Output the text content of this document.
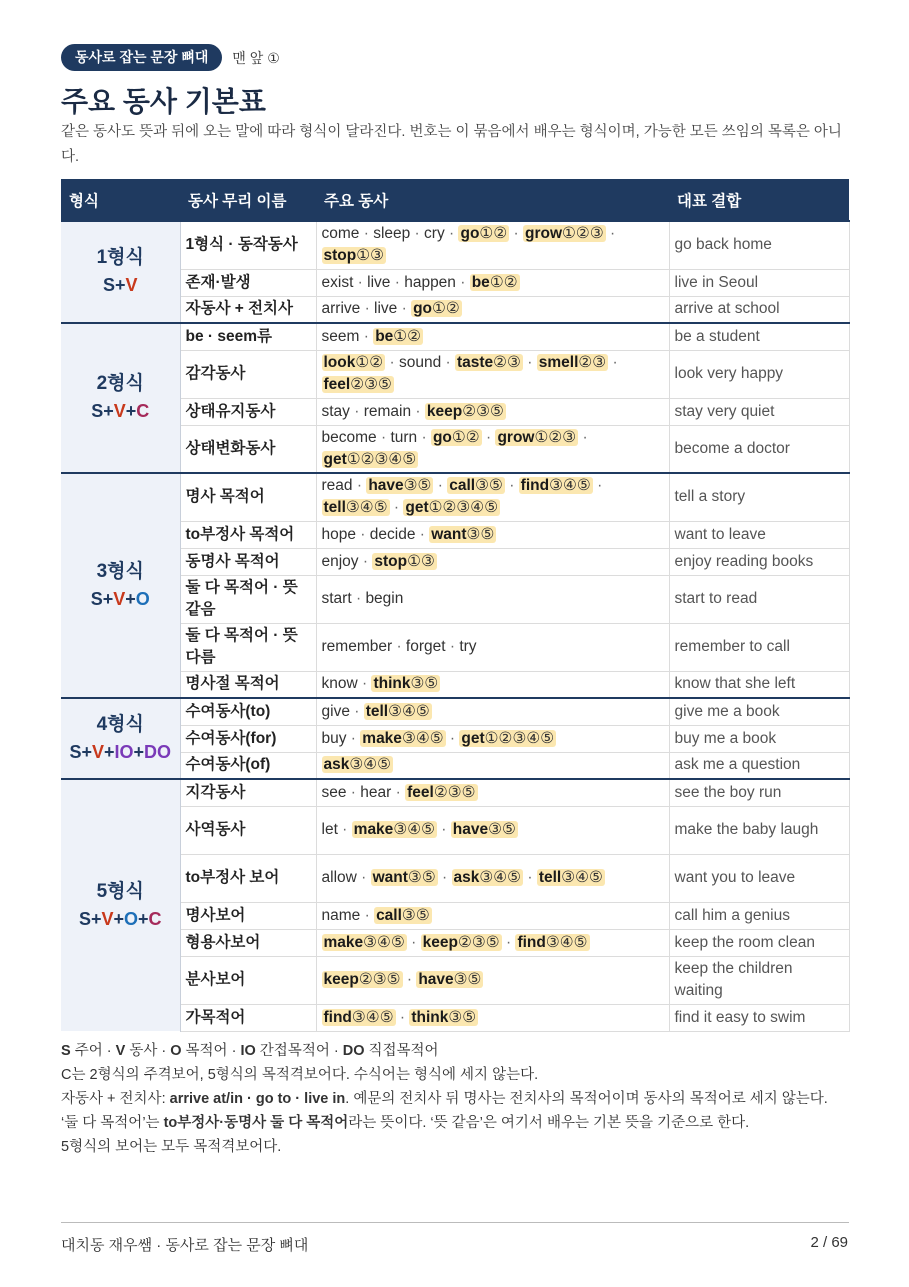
동사로 잡는 문장 뼈대	맨 앞 ①
주요 동사 기본표

같은 동사도 뜻과 뒤에 오는 말에 따라 형식이 달라진다. 번호는 이 묶음에서 배우는 형식이며, 가능한 모든 쓰임의 목록은 아니다.

형식	동사 무리 이름	주요 동사	대표 결합

1형식
S+V	1형식 · 동작동사	come · sleep · cry · go①② · grow①②③ · stop①③	go back home
	존재·발생	exist · live · happen · be①②	live in Seoul
	자동사 + 전치사	arrive · live · go①②	arrive at school

2형식
S+V+C	be · seem류	seem · be①②	be a student
	감각동사	look①② · sound · taste②③ · smell②③ · feel②③⑤	look very happy
	상태유지동사	stay · remain · keep②③⑤	stay very quiet
	상태변화동사	become · turn · go①② · grow①②③ · get①②③④⑤	become a doctor

3형식
S+V+O	명사 목적어	read · have③⑤ · call③⑤ · find③④⑤ · tell③④⑤ · get①②③④⑤	tell a story
	to부정사 목적어	hope · decide · want③⑤	want to leave
	동명사 목적어	enjoy · stop①③	enjoy reading books
	둘 다 목적어 · 뜻 같음	start · begin	start to read
	둘 다 목적어 · 뜻 다름	remember · forget · try	remember to call
	명사절 목적어	know · think③⑤	know that she left

4형식
S+V+IO+DO	수여동사(to)	give · tell③④⑤	give me a book
	수여동사(for)	buy · make③④⑤ · get①②③④⑤	buy me a book
	수여동사(of)	ask③④⑤	ask me a question

5형식
S+V+O+C	지각동사	see · hear · feel②③⑤	see the boy run
	사역동사	let · make③④⑤ · have③⑤	make the baby laugh
	to부정사 보어	allow · want③⑤ · ask③④⑤ · tell③④⑤	want you to leave
	명사보어	name · call③⑤	call him a genius
	형용사보어	make③④⑤ · keep②③⑤ · find③④⑤	keep the room clean
	분사보어	keep②③⑤ · have③⑤	keep the children waiting
	가목적어	find③④⑤ · think③⑤	find it easy to swim

S 주어 · V 동사 · O 목적어 · IO 간접목적어 · DO 직접목적어

C는 2형식의 주격보어, 5형식의 목적격보어다. 수식어는 형식에 세지 않는다.

자동사 + 전치사: arrive at/in · go to · live in. 예문의 전치사 뒤 명사는 전치사의 목적어이며 동사의 목적어로 세지 않는다.

‘둘 다 목적어’는 to부정사·동명사 둘 다 목적어라는 뜻이다. ‘뜻 같음’은 여기서 배우는 기본 뜻을 기준으로 한다.

5형식의 보어는 모두 목적격보어다.

대치동 재우쌤 · 동사로 잡는 문장 뼈대	2 / 69
